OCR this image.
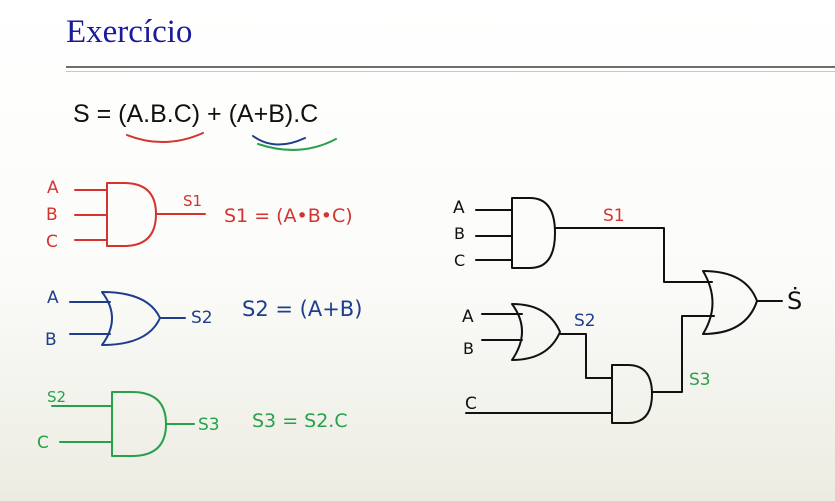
Exercício

S = (A.B.C) + (A+B).C

A
B
C
S1
S1 = (A•B•C)
A
B
S2 S2 = (A+B)
S2
C
S3 S3 = S2.C
A
B
C
S1
A
B
S2
C
S3
Ṡ
